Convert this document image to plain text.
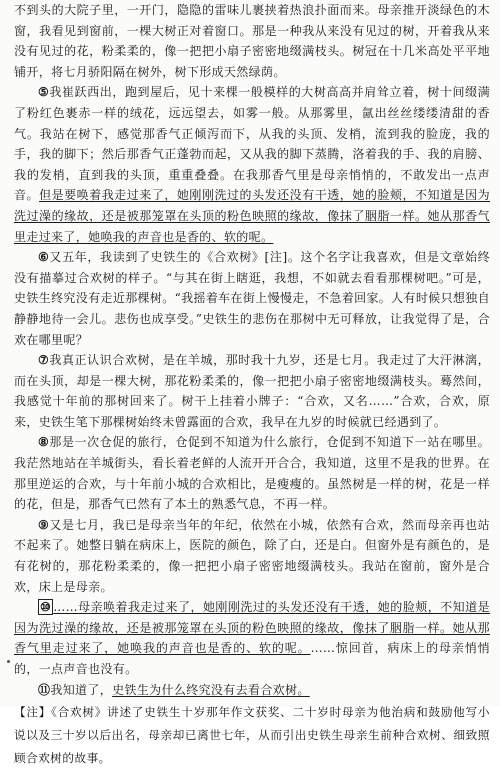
不到头的大院子里，一开门，隐隐的雷味儿裹挟着热浪扑面而来。母亲推开淡绿色的木窗，我看见到窗前，一棵大树正对着窗口。那是一种我从来没有见过的树，开着我从来没有见过的花，粉柔柔的，像一把把小扇子密密地缀满枝头。树冠在十几米高处平平地铺开，将七月骄阳隔在树外，树下形成天然绿荫。

⑤我崔跃西出，跑到屋后，见十来棵一般模样的大树高高并肩耸立着，树十间缀满了粉红色裹赤一样的绒花，远远望去，如雾一般。从那雾里，氤出丝丝缕缕清甜的香气。我站在树下，感觉那香气正倾泻而下，从我的头顶、发梢，流到我的脸庞，我的手，我的脚下；然后那香气正蓬勃而起，又从我的脚下蒸腾，洛着我的手、我的肩膀、我的发梢，直到我的头顶，重重叠叠。在我那香气里是母亲悄悄的，不敢发出一点声音。但是要唤着我走过来了，她刚刚洗过的头发还没有干透，她的脸颊，不知道是因为洗过澡的缘故，还是被那笼罩在头顶的粉色映照的缘故，像抹了胭脂一样。她从那香气里走过来了，她唤我的声音也是香的、软的呢。

⑥又五年，我读到了史铁生的《合欢树》[注]。这个名字让我喜欢，但是文章始终没有描摹过合欢树的样子。“与其在街上瞎逛，我想，不如就去看看那棵树吧。”可是，史铁生终究没有走近那棵树。“我摇着车在街上慢慢走，不急着回家。人有时候只想独自静静地待一会儿。悲伤也成享受。”史铁生的悲伤在那树中无可释放，让我觉得了是，合欢在哪里呢？

⑦我真正认识合欢树，是在羊城，那时我十九岁，还是七月。我走过了大汗淋漓，而在头顶，却是一棵大树，那花粉柔柔的，像一把把小扇子密密地缀满枝头。蓦然间，我感觉十年前的那树回来了。树干上挂着小牌子：“合欢，又名……”合欢，合欢，原来，史铁生笔下那棵树始终未曾露面的合欢，我早在九岁的时候就已经遇到了。

⑧那是一次仓促的旅行，仓促到不知道为什么旅行，仓促到不知道下一站在哪里。我茫然地站在羊城街头，看长着老鲜的人流开开合合，我知道，这里不是我的世界。在那里逆运的合欢，与十年前小城的合欢相比，是瘦瘦的。虽然树是一样的树，花是一样的花，但是，那香气已然有了本土的熟悉气息，不再一样。

⑨又是七月，我已是母亲当年的年纪，依然在小城，依然有合欢，然而母亲再也站不起来了。她整日躺在病床上，医院的颜色，除了白，还是白。但窗外是有颜色的，是有花树的，那花粉柔柔的，像一把把小扇子密密地缀满枝头。我站在窗前，窗外是合欢，床上是母亲。

⑩ ……母亲唤着我走过来了，她刚刚洗过的头发还没有干透，她的脸颊，不知道是因为洗过澡的缘故，还是被那笼罩在头顶的粉色映照的缘故，像抹了胭脂一样。她从那香气里走过来了，她唤我的声音也是香的、软的呢。……惊回首，病床上的母亲悄悄的，一点声音也没有。

⑪我知道了，史铁生为什么终究没有去看合欢树。

【注】《合欢树》讲述了史铁生十岁那年作文获奖、二十岁时母亲为他治病和鼓励他写小说以及三十岁以后出名，母亲却已离世七年，从而引出史铁生母亲生前种合欢树、细致照顾合欢树的故事。
